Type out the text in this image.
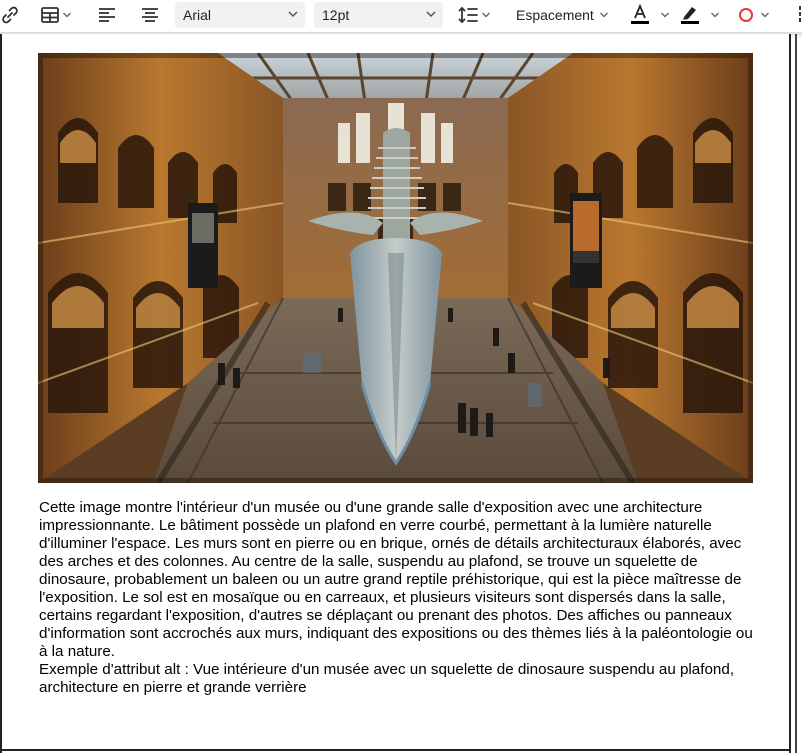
Arial	12pt	Espacement

Cette image montre l'intérieur d'un musée ou d'une grande salle d'exposition avec une architecture impressionnante. Le bâtiment possède un plafond en verre courbé, permettant à la lumière naturelle d'illuminer l'espace. Les murs sont en pierre ou en brique, ornés de détails architecturaux élaborés, avec des arches et des colonnes. Au centre de la salle, suspendu au plafond, se trouve un squelette de dinosaure, probablement un baleen ou un autre grand reptile préhistorique, qui est la pièce maîtresse de l'exposition. Le sol est en mosaïque ou en carreaux, et plusieurs visiteurs sont dispersés dans la salle, certains regardant l'exposition, d'autres se déplaçant ou prenant des photos. Des affiches ou panneaux d'information sont accrochés aux murs, indiquant des expositions ou des thèmes liés à la paléontologie ou à la nature.

Exemple d'attribut alt : Vue intérieure d'un musée avec un squelette de dinosaure suspendu au plafond, architecture en pierre et grande verrière
